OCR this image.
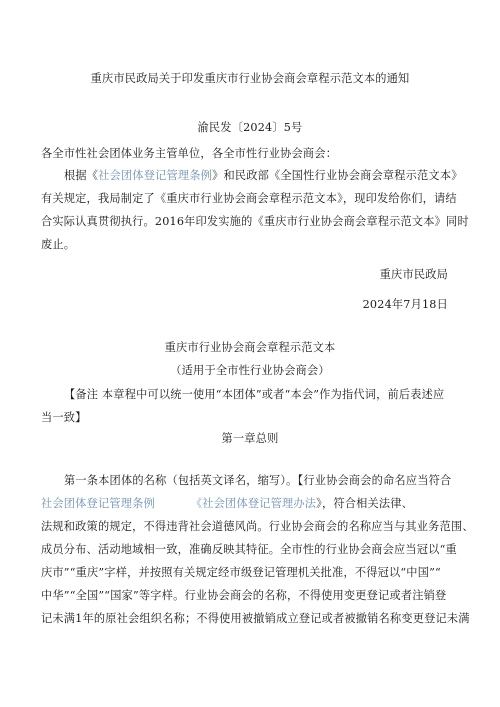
重庆市民政局关于印发重庆市行业协会商会章程示范文本的通知
渝民发〔2024〕5号
各全市性社会团体业务主管单位，各全市性行业协会商会：
根据《社会团体登记管理条例》和民政部《全国性行业协会商会章程示范文本》
有关规定，我局制定了《重庆市行业协会商会章程示范文本》，现印发给你们，请结
合实际认真贯彻执行。2016年印发实施的《重庆市行业协会商会章程示范文本》同时
废止。
重庆市民政局
2024年7月18日
重庆市行业协会商会章程示范文本
（适用于全市性行业协会商会）
【备注 本章程中可以统一使用“本团体”或者“本会”作为指代词，前后表述应
当一致】
第一章总则
第一条本团体的名称（包括英文译名，缩写）。【行业协会商会的命名应当符合
社会团体登记管理条例	《社会团体登记管理办法》，符合相关法律、
法规和政策的规定，不得违背社会道德风尚。行业协会商会的名称应当与其业务范围、
成员分布、活动地域相一致，准确反映其特征。全市性的行业协会商会应当冠以“重
庆市”“重庆”字样，并按照有关规定经市级登记管理机关批准，不得冠以“中国”“
中华”“全国”“国家”等字样。行业协会商会的名称，不得使用变更登记或者注销登
记未满1年的原社会组织名称；不得使用被撤销成立登记或者被撤销名称变更登记未满
